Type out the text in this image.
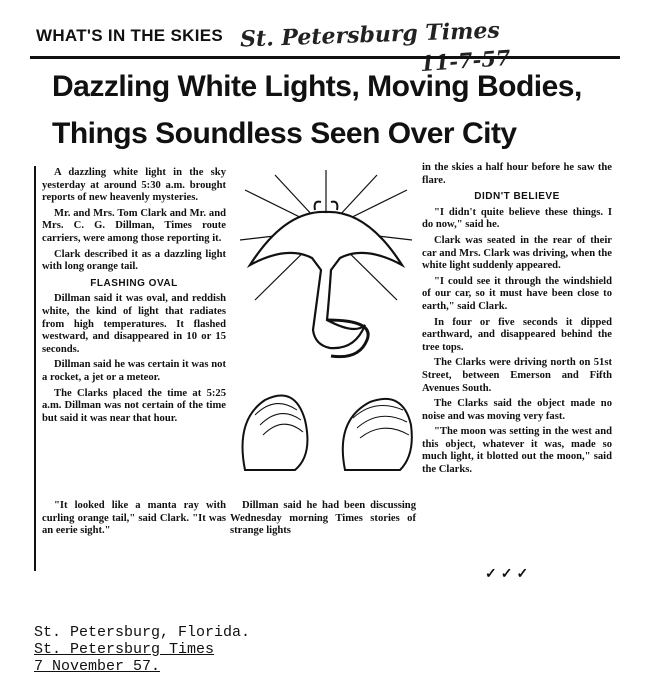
WHAT'S IN THE SKIES St. Petersburg Times
11-7-57
Dazzling White Lights, Moving Bodies,
Things Soundless Seen Over City

A dazzling white light in the sky yesterday at around 5:30 a.m. brought reports of new heavenly mysteries.

Mr. and Mrs. Tom Clark and Mr. and Mrs. C. G. Dillman, Times route carriers, were among those reporting it.

Clark described it as a dazzling light with long orange tail.

FLASHING OVAL

Dillman said it was oval, and reddish white, the kind of light that radiates from high temperatures. It flashed westward, and disappeared in 10 or 15 seconds.

Dillman said he was certain it was not a rocket, a jet or a meteor.

The Clarks placed the time at 5:25 a.m. Dillman was not certain of the time but said it was near that hour.

"It looked like a manta ray with curling orange tail," said Clark. "It was an eerie sight."

Dillman said he had been discussing Wednesday morning Times stories of strange lights

in the skies a half hour before he saw the flare.

DIDN'T BELIEVE

"I didn't quite believe these things. I do now," said he.

Clark was seated in the rear of their car and Mrs. Clark was driving, when the white light suddenly appeared.

"I could see it through the windshield of our car, so it must have been close to earth," said Clark.

In four or five seconds it dipped earthward, and disappeared behind the tree tops.

The Clarks were driving north on 51st Street, between Emerson and Fifth Avenues South.

The Clarks said the object made no noise and was moving very fast.

"The moon was setting in the west and this object, whatever it was, made so much light, it blotted out the moon," said the Clarks.

✓✓✓
St. Petersburg, Florida.
St. Petersburg Times
7 November 57.
